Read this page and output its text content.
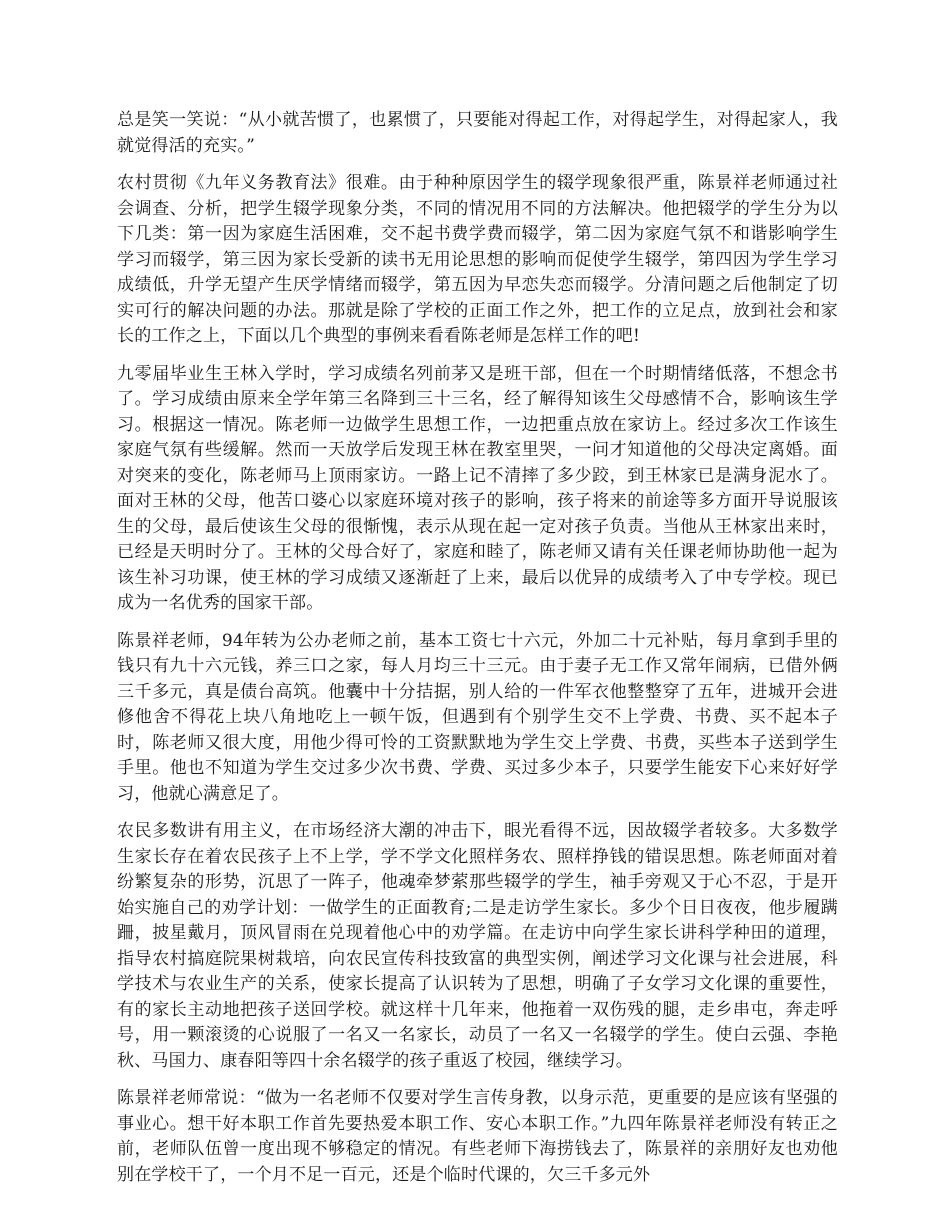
总是笑一笑说：“从小就苦惯了，也累惯了，只要能对得起工作，对得起学生，对得起家人，我就觉得活的充实。”

农村贯彻《九年义务教育法》很难。由于种种原因学生的辍学现象很严重，陈景祥老师通过社会调查、分析，把学生辍学现象分类，不同的情况用不同的方法解决。他把辍学的学生分为以下几类：第一因为家庭生活困难，交不起书费学费而辍学，第二因为家庭气氛不和谐影响学生学习而辍学，第三因为家长受新的读书无用论思想的影响而促使学生辍学，第四因为学生学习成绩低，升学无望产生厌学情绪而辍学，第五因为早恋失恋而辍学。分清问题之后他制定了切实可行的解决问题的办法。那就是除了学校的正面工作之外，把工作的立足点，放到社会和家长的工作之上，下面以几个典型的事例来看看陈老师是怎样工作的吧!

九零届毕业生王林入学时，学习成绩名列前茅又是班干部，但在一个时期情绪低落，不想念书了。学习成绩由原来全学年第三名降到三十三名，经了解得知该生父母感情不合，影响该生学习。根据这一情况。陈老师一边做学生思想工作，一边把重点放在家访上。经过多次工作该生家庭气氛有些缓解。然而一天放学后发现王林在教室里哭，一问才知道他的父母决定离婚。面对突来的变化，陈老师马上顶雨家访。一路上记不清摔了多少跤，到王林家已是满身泥水了。面对王林的父母，他苦口婆心以家庭环境对孩子的影响，孩子将来的前途等多方面开导说服该生的父母，最后使该生父母的很惭愧，表示从现在起一定对孩子负责。当他从王林家出来时，已经是天明时分了。王林的父母合好了，家庭和睦了，陈老师又请有关任课老师协助他一起为该生补习功课，使王林的学习成绩又逐渐赶了上来，最后以优异的成绩考入了中专学校。现已成为一名优秀的国家干部。

陈景祥老师，94年转为公办老师之前，基本工资七十六元，外加二十元补贴，每月拿到手里的钱只有九十六元钱，养三口之家，每人月均三十三元。由于妻子无工作又常年闹病，已借外俩三千多元，真是债台高筑。他囊中十分拮据，别人给的一件军衣他整整穿了五年，进城开会进修他舍不得花上块八角地吃上一顿午饭，但遇到有个别学生交不上学费、书费、买不起本子时，陈老师又很大度，用他少得可怜的工资默默地为学生交上学费、书费，买些本子送到学生手里。他也不知道为学生交过多少次书费、学费、买过多少本子，只要学生能安下心来好好学习，他就心满意足了。

农民多数讲有用主义，在市场经济大潮的冲击下，眼光看得不远，因故辍学者较多。大多数学生家长存在着农民孩子上不上学，学不学文化照样务农、照样挣钱的错误思想。陈老师面对着纷繁复杂的形势，沉思了一阵子，他魂牵梦萦那些辍学的学生，袖手旁观又于心不忍，于是开始实施自己的劝学计划：一做学生的正面教育;二是走访学生家长。多少个日日夜夜，他步履蹒跚，披星戴月，顶风冒雨在兑现着他心中的劝学篇。在走访中向学生家长讲科学种田的道理，指导农村搞庭院果树栽培，向农民宣传科技致富的典型实例，阐述学习文化课与社会进展，科学技术与农业生产的关系，使家长提高了认识转为了思想，明确了子女学习文化课的重要性，有的家长主动地把孩子送回学校。就这样十几年来，他拖着一双伤残的腿，走乡串屯，奔走呼号，用一颗滚烫的心说服了一名又一名家长，动员了一名又一名辍学的学生。使白云强、李艳秋、马国力、康春阳等四十余名辍学的孩子重返了校园，继续学习。

陈景祥老师常说：“做为一名老师不仅要对学生言传身教，以身示范，更重要的是应该有坚强的事业心。想干好本职工作首先要热爱本职工作、安心本职工作。”九四年陈景祥老师没有转正之前，老师队伍曾一度出现不够稳定的情况。有些老师下海捞钱去了，陈景祥的亲朋好友也劝他别在学校干了，一个月不足一百元，还是个临时代课的，欠三千多元外
